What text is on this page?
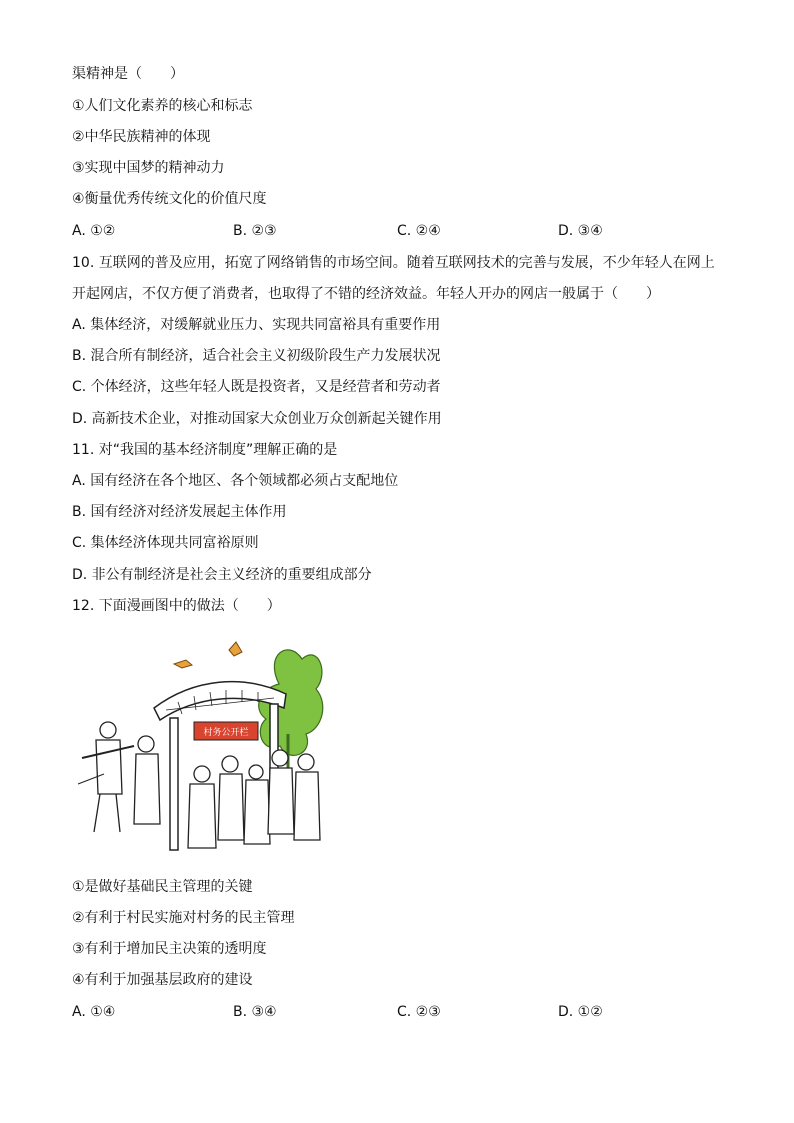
渠精神是（　　）
①人们文化素养的核心和标志
②中华民族精神的体现
③实现中国梦的精神动力
④衡量优秀传统文化的价值尺度
A. ①②	B. ②③	C. ②④	D. ③④
10. 互联网的普及应用，拓宽了网络销售的市场空间。随着互联网技术的完善与发展，不少年轻人在网上
开起网店，不仅方便了消费者，也取得了不错的经济效益。年轻人开办的网店一般属于（　　）
A. 集体经济，对缓解就业压力、实现共同富裕具有重要作用
B. 混合所有制经济，适合社会主义初级阶段生产力发展状况
C. 个体经济，这些年轻人既是投资者，又是经营者和劳动者
D. 高新技术企业，对推动国家大众创业万众创新起关键作用
11. 对“我国的基本经济制度”理解正确的是
A. 国有经济在各个地区、各个领域都必须占支配地位
B. 国有经济对经济发展起主体作用
C. 集体经济体现共同富裕原则
D. 非公有制经济是社会主义经济的重要组成部分
12. 下面漫画图中的做法（　　）
村务公开栏
①是做好基础民主管理的关键
②有利于村民实施对村务的民主管理
③有利于增加民主决策的透明度
④有利于加强基层政府的建设
A. ①④	B. ③④	C. ②③	D. ①②
